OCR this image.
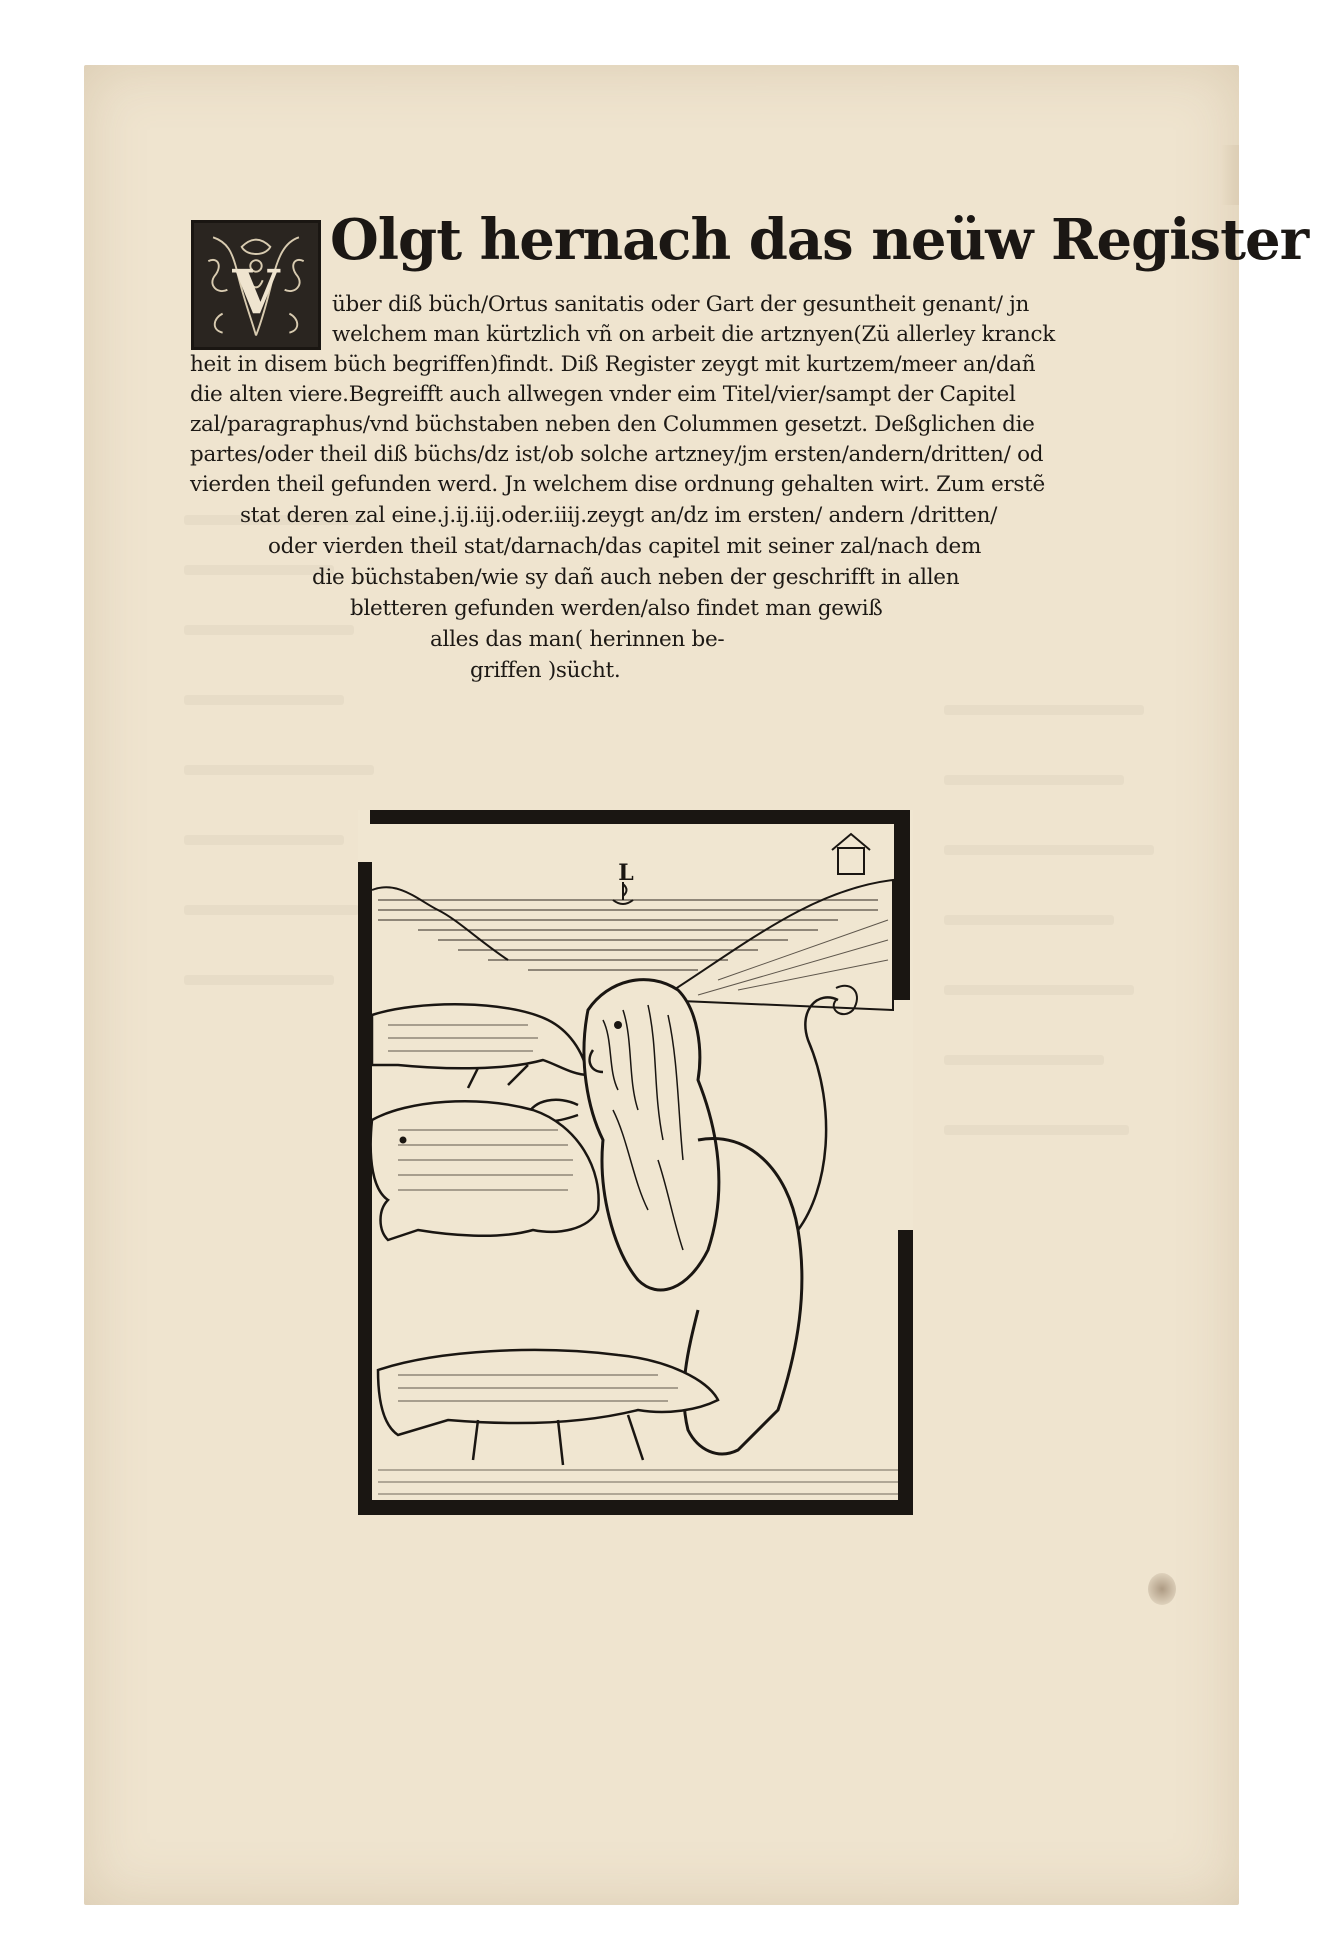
V
Olgt hernach das neüw Register
über diß büch/Ortus sanitatis oder Gart der gesuntheit genant/ jn
welchem man kürtzlich vñ on arbeit die artznyen(Zü allerley kranck
heit in disem büch begriffen)findt. Diß Register zeygt mit kurtzem/meer an/dañ
die alten viere.Begreifft auch allwegen vnder eim Titel/vier/sampt der Capitel
zal/paragraphus/vnd büchstaben neben den Colummen gesetzt. Deßglichen die
partes/oder theil diß büchs/dz ist/ob solche artzney/jm ersten/andern/dritten/ od
vierden theil gefunden werd. Jn welchem dise ordnung gehalten wirt. Zum erstẽ
stat deren zal eine.j.ij.iij.oder.iiij.zeygt an/dz im ersten/ andern /dritten/
oder vierden theil stat/darnach/das capitel mit seiner zal/nach dem
die büchstaben/wie sy dañ auch neben der geschrifft in allen
bletteren gefunden werden/also findet man gewiß
alles das man( herinnen be-
griffen )sücht.
L
